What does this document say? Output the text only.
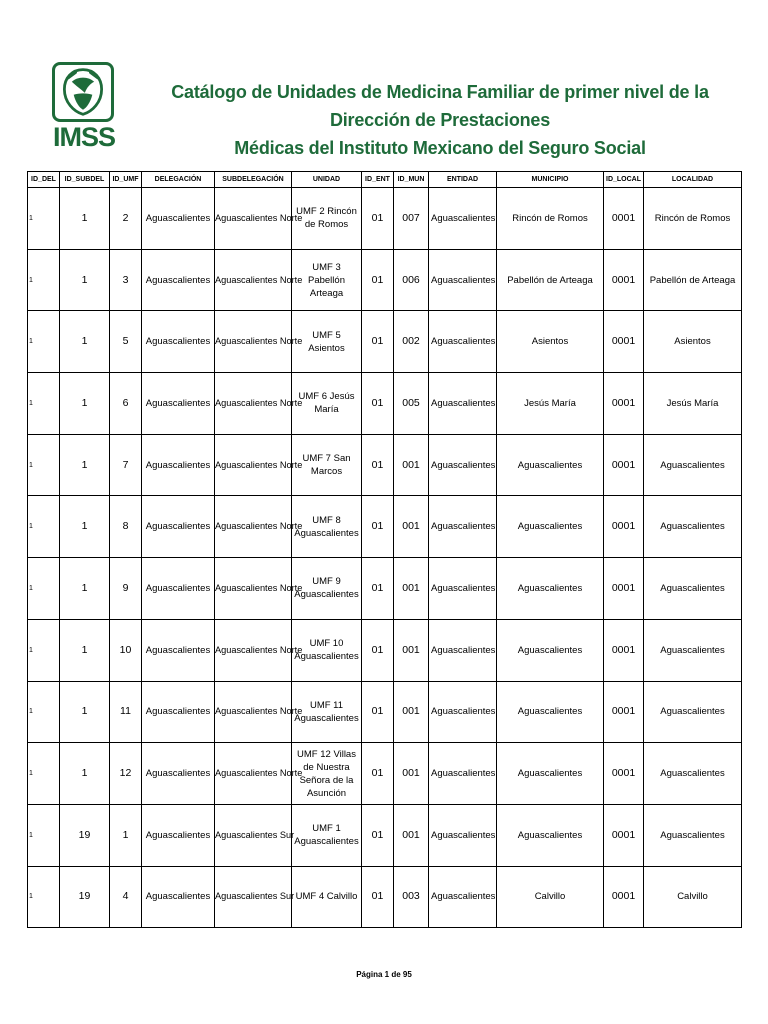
IMSS
Catálogo de Unidades de Medicina Familiar de primer nivel de la Dirección de Prestaciones
Médicas del Instituto Mexicano del Seguro Social
ID_DEL	ID_SUBDEL	ID_UMF	DELEGACIÓN	SUBDELEGACIÓN	UNIDAD	ID_ENT	ID_MUN	ENTIDAD	MUNICIPIO	ID_LOCAL	LOCALIDAD
1	1	2	Aguascalientes	Aguascalientes Norte	UMF 2 Rincón de Romos	01	007	Aguascalientes	Rincón de Romos	0001	Rincón de Romos
1	1	3	Aguascalientes	Aguascalientes Norte	UMF 3 Pabellón Arteaga	01	006	Aguascalientes	Pabellón de Arteaga	0001	Pabellón de Arteaga
1	1	5	Aguascalientes	Aguascalientes Norte	UMF 5 Asientos	01	002	Aguascalientes	Asientos	0001	Asientos
1	1	6	Aguascalientes	Aguascalientes Norte	UMF 6 Jesús María	01	005	Aguascalientes	Jesús María	0001	Jesús María
1	1	7	Aguascalientes	Aguascalientes Norte	UMF 7 San Marcos	01	001	Aguascalientes	Aguascalientes	0001	Aguascalientes
1	1	8	Aguascalientes	Aguascalientes Norte	UMF 8 Aguascalientes	01	001	Aguascalientes	Aguascalientes	0001	Aguascalientes
1	1	9	Aguascalientes	Aguascalientes Norte	UMF 9 Aguascalientes	01	001	Aguascalientes	Aguascalientes	0001	Aguascalientes
1	1	10	Aguascalientes	Aguascalientes Norte	UMF 10 Aguascalientes	01	001	Aguascalientes	Aguascalientes	0001	Aguascalientes
1	1	11	Aguascalientes	Aguascalientes Norte	UMF 11 Aguascalientes	01	001	Aguascalientes	Aguascalientes	0001	Aguascalientes
1	1	12	Aguascalientes	Aguascalientes Norte	UMF 12 Villas de Nuestra Señora de la Asunción	01	001	Aguascalientes	Aguascalientes	0001	Aguascalientes
1	19	1	Aguascalientes	Aguascalientes Sur	UMF 1 Aguascalientes	01	001	Aguascalientes	Aguascalientes	0001	Aguascalientes
1	19	4	Aguascalientes	Aguascalientes Sur	UMF 4 Calvillo	01	003	Aguascalientes	Calvillo	0001	Calvillo
Página 1 de 95
